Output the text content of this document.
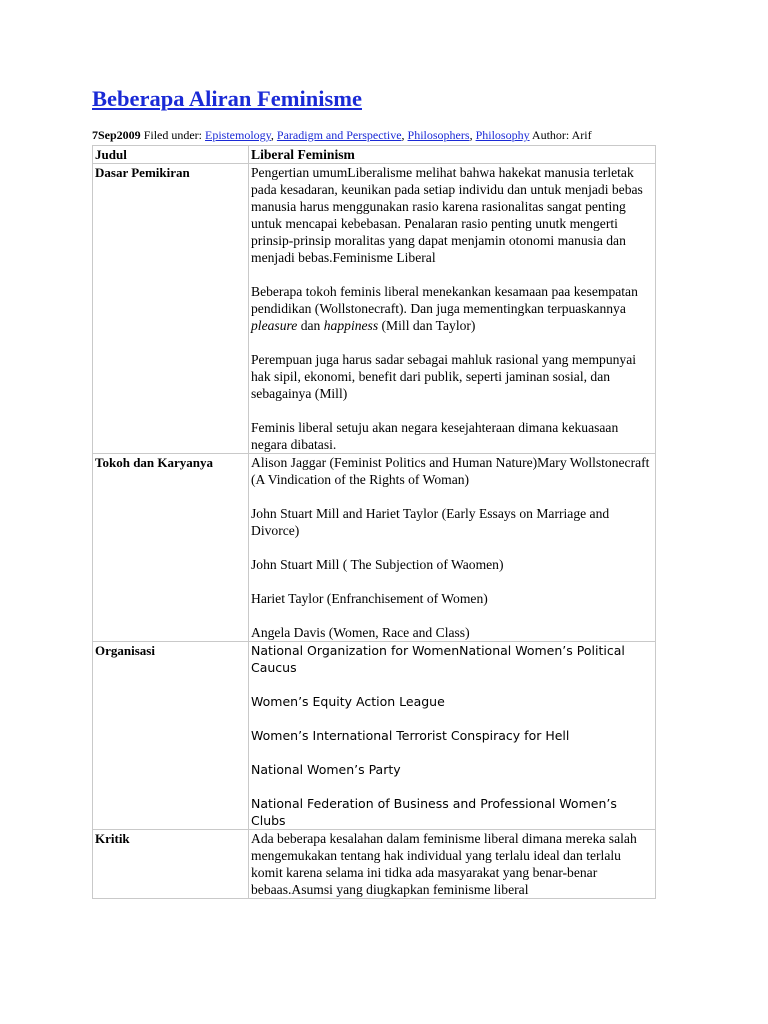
Beberapa Aliran Feminisme
7Sep2009 Filed under: Epistemology, Paradigm and Perspective, Philosophers, Philosophy Author: Arif
Judul	Liberal Feminism
Dasar Pemikiran	Pengertian umumLiberalisme melihat bahwa hakekat manusia terletak pada kesadaran, keunikan pada setiap individu dan untuk menjadi bebas manusia harus menggunakan rasio karena rasionalitas sangat penting untuk mencapai kebebasan. Penalaran rasio penting unutk mengerti prinsip-prinsip moralitas yang dapat menjamin otonomi manusia dan menjadi bebas.Feminisme Liberal
Beberapa tokoh feminis liberal menekankan kesamaan paa kesempatan pendidikan (Wollstonecraft). Dan juga mementingkan terpuaskannya pleasure dan happiness (Mill dan Taylor)
Perempuan juga harus sadar sebagai mahluk rasional yang mempunyai hak sipil, ekonomi, benefit dari publik, seperti jaminan sosial, dan sebagainya (Mill)
Feminis liberal setuju akan negara kesejahteraan dimana kekuasaan negara dibatasi.

Tokoh dan Karyanya	Alison Jaggar (Feminist Politics and Human Nature)Mary Wollstonecraft (A Vindication of the Rights of Woman)
John Stuart Mill and Hariet Taylor (Early Essays on Marriage and Divorce)
John Stuart Mill ( The Subjection of Waomen)
Hariet Taylor (Enfranchisement of Women)
Angela Davis (Women, Race and Class)

Organisasi	National Organization for WomenNational Women’s Political Caucus
Women’s Equity Action League
Women’s International Terrorist Conspiracy for Hell
National Women’s Party
National Federation of Business and Professional Women’s Clubs

Kritik	Ada beberapa kesalahan dalam feminisme liberal dimana mereka salah mengemukakan tentang hak individual yang terlalu ideal dan terlalu komit karena selama ini tidka ada masyarakat yang benar-benar bebaas.Asumsi yang diugkapkan feminisme liberal
